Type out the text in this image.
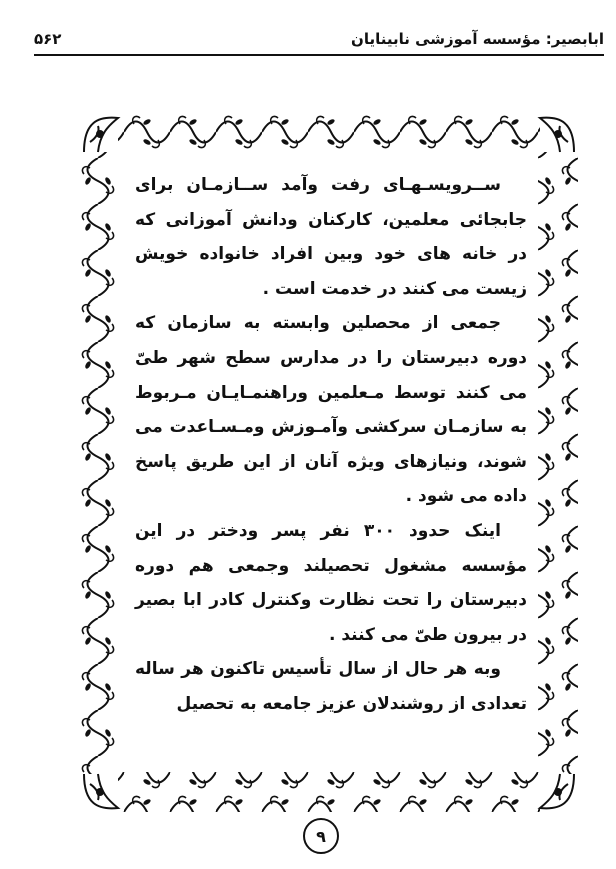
ابابصیر: مؤسسه آموزشی نابینایان
۵۶۲

ســرویسـهـای رفت وآمد ســازمـان برای جابجائی معلمین، کارکنان ودانش آموزانی که در خانه های خود وبین افراد خانواده خویش زیست می کنند در خدمت است .

جمعی از محصلین وابسته به سازمان که دوره دبیرستان را در مدارس سطح شهر طیّ می کنند توسط مـعلمین وراهنمـایـان مـربوط به سازمـان سرکشی وآمـوزش ومـسـاعدت می شوند، ونیازهای ویژه آنان از این طریق پاسخ داده می شود .

اینک حدود ۳۰۰ نفر پسر ودختر در این مؤسسه مشغول تحصیلند وجمعی هم دوره دبیرستان را تحت نظارت وکنترل کادر ابا بصیر در بیرون طیّ می کنند .

وبه هر حال از سال تأسیس تاکنون هر ساله تعدادی از روشندلان عزیز جامعه به تحصیل

۹
